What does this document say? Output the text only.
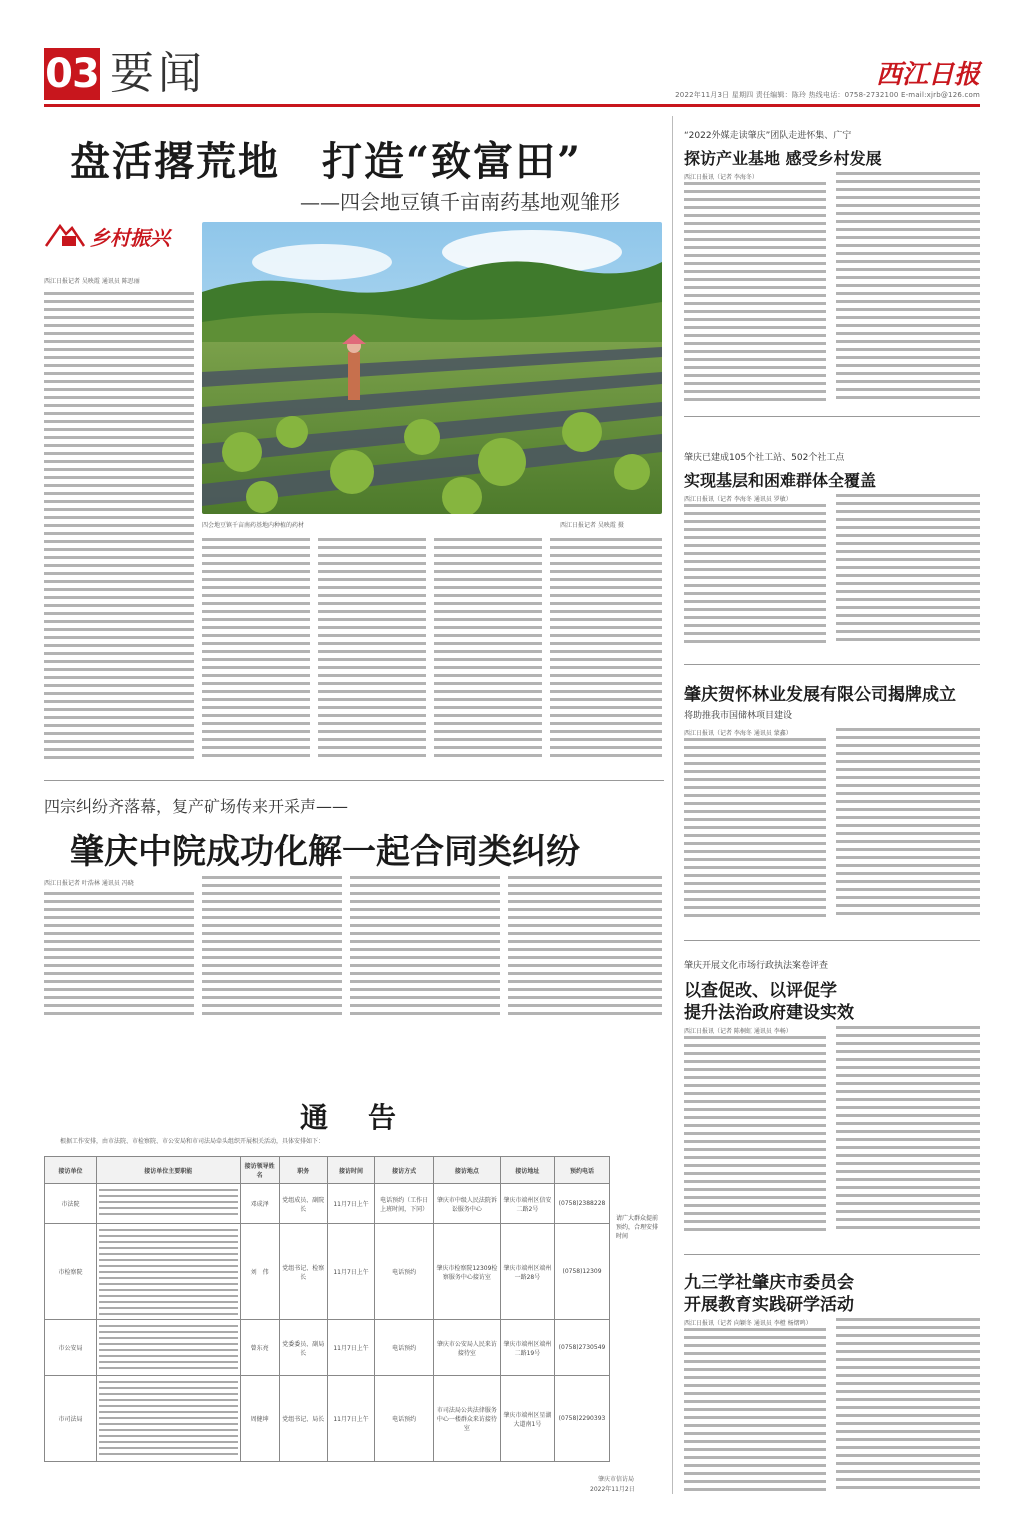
03 要闻	西江日报
2022年11月3日 星期四 责任编辑：陈玲 热线电话：0758-2732100 E-mail:xjrb@126.com
盘活撂荒地　打造“致富田”
——四会地豆镇千亩南药基地观雏形
乡村振兴
西江日报记者 吴映霞 通讯员 陈思丽
四会地豆镇千亩南药基地内种植的药材	西江日报记者 吴映霞 摄
四宗纠纷齐落幕，复产矿场传来开采声——
肇庆中院成功化解一起合同类纠纷
西江日报记者 叶浩林 通讯员 冯晓
通　告
根据工作安排，由市法院、市检察院、市公安局和市司法局牵头组织开展相关活动，具体安排如下：
接访单位	接访单位主要职能	接访领导姓名	职务	接访时间	接访方式	接访地点	接访地址	预约电话
市法院		邓成泽	党组成员、副院长	11月7日上午	电话预约（工作日上班时间，下同）	肇庆市中级人民法院诉讼服务中心	肇庆市端州区信安二路2号	(0758)2388228
市检察院		刘　伟	党组书记、检察长	11月7日上午	电话预约	肇庆市检察院12309检察服务中心接访室	肇庆市端州区端州一路28号	(0758)12309
市公安局		曾东亮	党委委员、副局长	11月7日上午	电话预约	肇庆市公安局人民来访接待室	肇庆市端州区端州二路19号	(0758)2730549
市司法局		周健坤	党组书记、局长	11月7日上午	电话预约	市司法局公共法律服务中心一楼群众来访接待室	肇庆市端州区星湖大道南1号	(0758)2290393
请广大群众提前预约，合理安排时间
肇庆市信访局
2022年11月2日
“2022外媒走读肇庆”团队走进怀集、广宁
探访产业基地 感受乡村发展
西江日报讯（记者 李海冬）
肇庆已建成105个社工站、502个社工点
实现基层和困难群体全覆盖
西江日报讯（记者 李海冬 通讯员 罗敏）
肇庆贺怀林业发展有限公司揭牌成立
将助推我市国储林项目建设
西江日报讯（记者 李海冬 通讯员 蒙鑫）
肇庆开展文化市场行政执法案卷评查
以查促改、以评促学
提升法治政府建设实效
西江日报讯（记者 陈桐虹 通讯员 李畅）
九三学社肇庆市委员会
开展教育实践研学活动
西江日报讯（记者 向颖冬 通讯员 李橙 杨熠鸣）
